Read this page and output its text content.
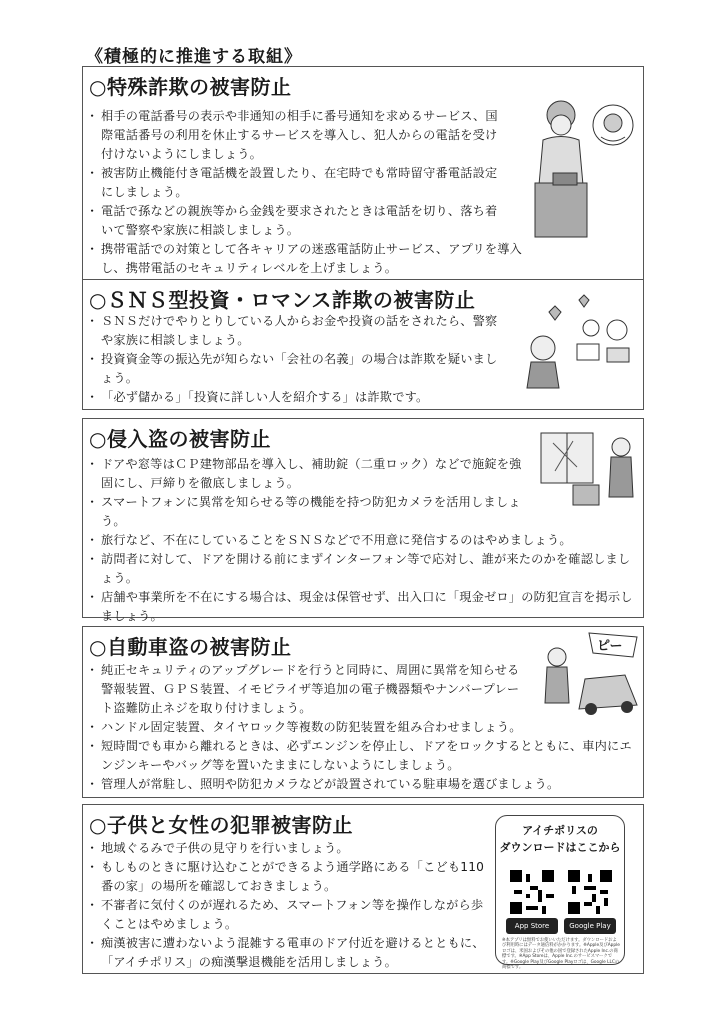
《積極的に推進する取組》
○特殊詐欺の被害防止
・ 相手の電話番号の表示や非通知の相手に番号通知を求めるサービス、国際電話番号の利用を休止するサービスを導入し、犯人からの電話を受け付けないようにしましょう。
・ 被害防止機能付き電話機を設置したり、在宅時でも常時留守番電話設定にしましょう。
・ 電話で孫などの親族等から金銭を要求されたときは電話を切り、落ち着いて警察や家族に相談しましょう。
・ 携帯電話での対策として各キャリアの迷惑電話防止サービス、アプリを導入し、携帯電話のセキュリティレベルを上げましょう。
○ＳＮＳ型投資・ロマンス詐欺の被害防止
・ ＳＮＳだけでやりとりしている人からお金や投資の話をされたら、警察や家族に相談しましょう。
・ 投資資金等の振込先が知らない「会社の名義」の場合は詐欺を疑いましょう。
・ 「必ず儲かる」「投資に詳しい人を紹介する」は詐欺です。
○侵入盗の被害防止
・ ドアや窓等はＣＰ建物部品を導入し、補助錠（二重ロック）などで施錠を強固にし、戸締りを徹底しましょう。
・ スマートフォンに異常を知らせる等の機能を持つ防犯カメラを活用しましょう。
・ 旅行など、不在にしていることをＳＮＳなどで不用意に発信するのはやめましょう。
・ 訪問者に対して、ドアを開ける前にまずインターフォン等で応対し、誰が来たのかを確認しましょう。
・ 店舗や事業所を不在にする場合は、現金は保管せず、出入口に「現金ゼロ」の防犯宣言を掲示しましょう。
○自動車盗の被害防止
・ 純正セキュリティのアップグレードを行うと同時に、周囲に異常を知らせる警報装置、ＧＰＳ装置、イモビライザ等追加の電子機器類やナンバープレート盗難防止ネジを取り付けましょう。
・ ハンドル固定装置、タイヤロック等複数の防犯装置を組み合わせましょう。
・ 短時間でも車から離れるときは、必ずエンジンを停止し、ドアをロックするとともに、車内にエンジンキーやバッグ等を置いたままにしないようにしましょう。
・ 管理人が常駐し、照明や防犯カメラなどが設置されている駐車場を選びましょう。
ピー
○子供と女性の犯罪被害防止
・ 地域ぐるみで子供の見守りを行いましょう。
・ もしものときに駆け込むことができるよう通学路にある「こども110 番の家」の場所を確認しておきましょう。
・ 不審者に気付くのが遅れるため、スマートフォン等を操作しながら歩くことはやめましょう。
・ 痴漢被害に遭わないよう混雑する電車のドア付近を避けるとともに、「アイチポリス」の痴漢撃退機能を活用しましょう。
アイチポリスの
ダウンロードはここから
App Store	Google Play
※本アプリは無料でお使いいただけます。ダウンロードおよび利用時にはデータ通信料がかかります。※Apple及びAppleロゴは、米国およびその他の国で登録されたApple Inc.の商標です。※App Storeは、Apple Inc.のサービスマークです。※Google Play及びGoogle Playロゴは、Google LLCの商標です。
